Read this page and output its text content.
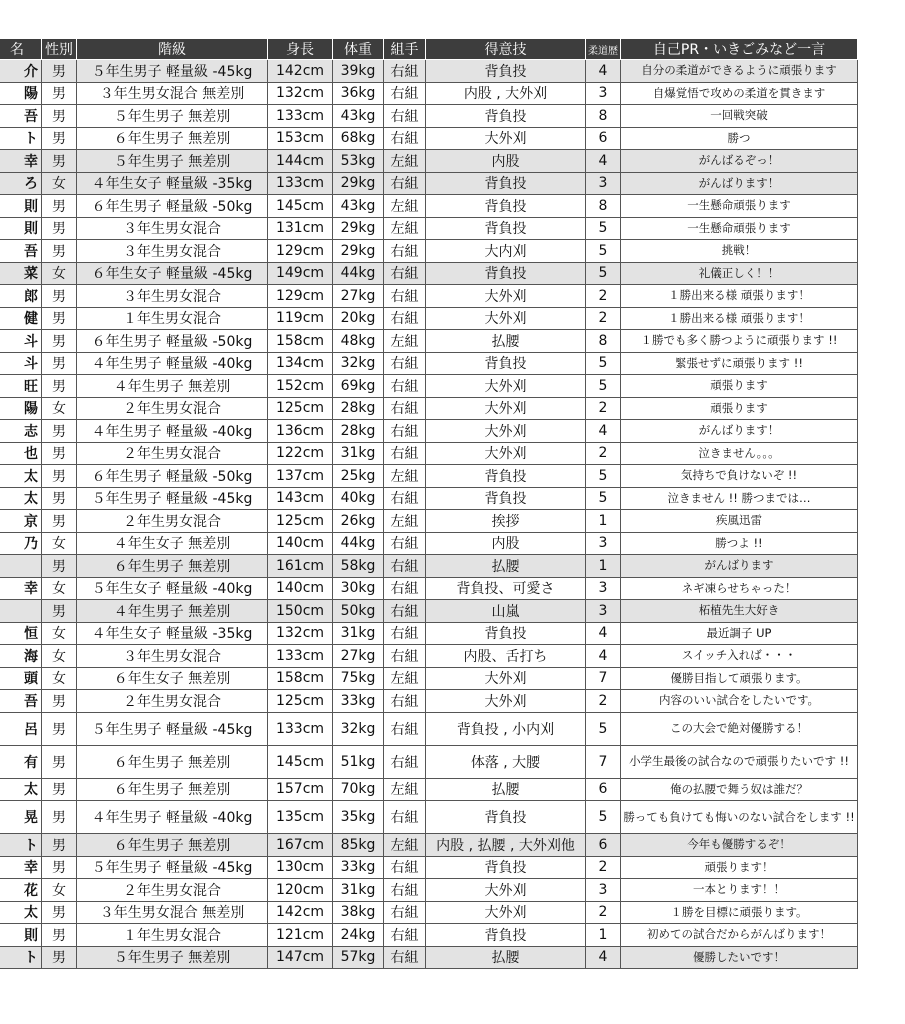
名	性別	階級	身長	体重	組手	得意技	柔道歴	自己PR・いきごみなど一言
介	男	５年生男子 軽量級 -45kg	142cm	39kg	右組	背負投	4	自分の柔道ができるように頑張ります
陽	男	３年生男女混合 無差別	132cm	36kg	右組	内股 , 大外刈	3	自爆覚悟で攻めの柔道を貫きます
吾	男	５年生男子 無差別	133cm	43kg	右組	背負投	8	一回戦突破
ト	男	６年生男子 無差別	153cm	68kg	右組	大外刈	6	勝つ
幸	男	５年生男子 無差別	144cm	53kg	左組	内股	4	がんばるぞっ！
ろ	女	４年生女子 軽量級 -35kg	133cm	29kg	右組	背負投	3	がんばります！
則	男	６年生男子 軽量級 -50kg	145cm	43kg	左組	背負投	8	一生懸命頑張ります
則	男	３年生男女混合	131cm	29kg	左組	背負投	5	一生懸命頑張ります
吾	男	３年生男女混合	129cm	29kg	右組	大内刈	5	挑戦！
菜	女	６年生女子 軽量級 -45kg	149cm	44kg	右組	背負投	5	礼儀正しく！！
郎	男	３年生男女混合	129cm	27kg	右組	大外刈	2	１勝出来る様 頑張ります！
健	男	１年生男女混合	119cm	20kg	右組	大外刈	2	１勝出来る様 頑張ります！
斗	男	６年生男子 軽量級 -50kg	158cm	48kg	左組	払腰	8	１勝でも多く勝つように頑張ります !!
斗	男	４年生男子 軽量級 -40kg	134cm	32kg	右組	背負投	5	緊張せずに頑張ります !!
旺	男	４年生男子 無差別	152cm	69kg	右組	大外刈	5	頑張ります
陽	女	２年生男女混合	125cm	28kg	右組	大外刈	2	頑張ります
志	男	４年生男子 軽量級 -40kg	136cm	28kg	右組	大外刈	4	がんばります！
也	男	２年生男女混合	122cm	31kg	右組	大外刈	2	泣きません。。。
太	男	６年生男子 軽量級 -50kg	137cm	25kg	左組	背負投	5	気持ちで負けないぞ !!
太	男	５年生男子 軽量級 -45kg	143cm	40kg	右組	背負投	5	泣きません !! 勝つまでは…
京	男	２年生男女混合	125cm	26kg	左組	挨拶	1	疾風迅雷
乃	女	４年生女子 無差別	140cm	44kg	右組	内股	3	勝つよ !!
	男	６年生男子 無差別	161cm	58kg	右組	払腰	1	がんばります
幸	女	５年生女子 軽量級 -40kg	140cm	30kg	右組	背負投、可愛さ	3	ネギ凍らせちゃった！
	男	４年生男子 無差別	150cm	50kg	右組	山嵐	3	柘植先生大好き
恒	女	４年生女子 軽量級 -35kg	132cm	31kg	右組	背負投	4	最近調子 UP
海	女	３年生男女混合	133cm	27kg	右組	内股、舌打ち	4	スイッチ入れば・・・
頭	女	６年生女子 無差別	158cm	75kg	左組	大外刈	7	優勝目指して頑張ります。
吾	男	２年生男女混合	125cm	33kg	右組	大外刈	2	内容のいい試合をしたいです。
呂	男	５年生男子 軽量級 -45kg	133cm	32kg	右組	背負投 , 小内刈	5	この大会で絶対優勝する！
有	男	６年生男子 無差別	145cm	51kg	右組	体落 , 大腰	7	小学生最後の試合なので頑張りたいです !!
太	男	６年生男子 無差別	157cm	70kg	左組	払腰	6	俺の払腰で舞う奴は誰だ？
晃	男	４年生男子 軽量級 -40kg	135cm	35kg	右組	背負投	5	勝っても負けても悔いのない試合をします !!
ト	男	６年生男子 無差別	167cm	85kg	左組	内股 , 払腰 , 大外刈他	6	今年も優勝するぞ！
幸	男	５年生男子 軽量級 -45kg	130cm	33kg	右組	背負投	2	頑張ります！
花	女	２年生男女混合	120cm	31kg	右組	大外刈	3	一本とります！！
太	男	３年生男女混合 無差別	142cm	38kg	右組	大外刈	2	１勝を目標に頑張ります。
則	男	１年生男女混合	121cm	24kg	右組	背負投	1	初めての試合だからがんばります！
ト	男	５年生男子 無差別	147cm	57kg	右組	払腰	4	優勝したいです！
